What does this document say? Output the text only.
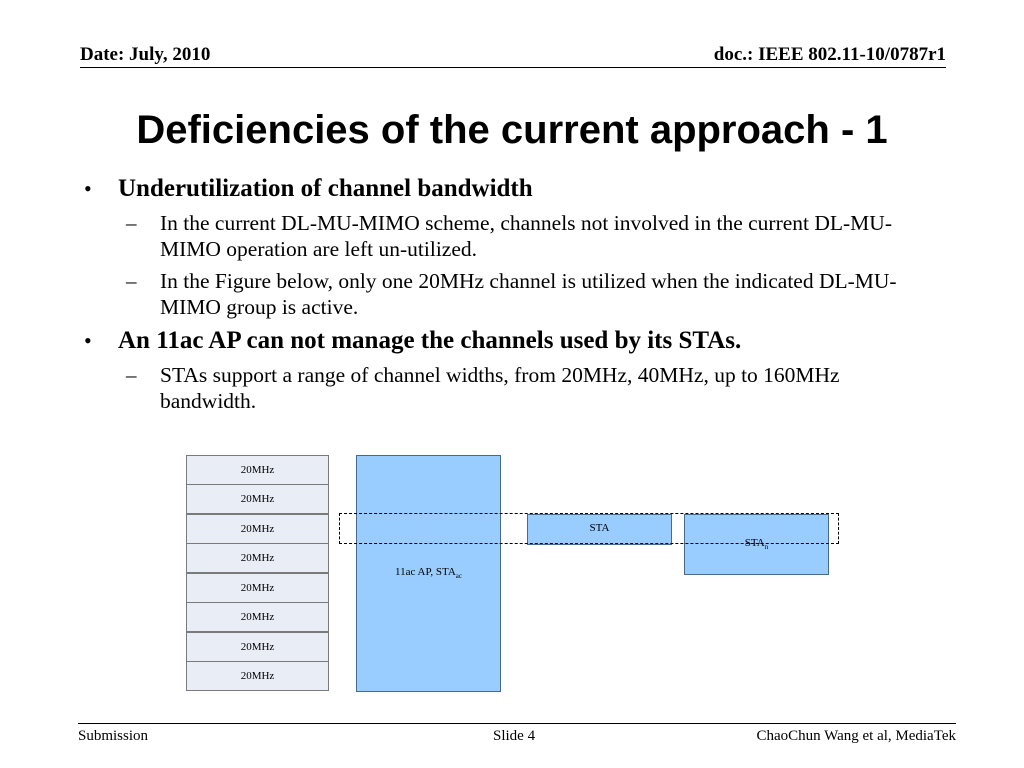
Date: July, 2010	doc.: IEEE 802.11-10/0787r1
Deficiencies of the current approach - 1
•	Underutilization of channel bandwidth
–	In the current DL-MU-MIMO scheme, channels not involved in the current DL-MU-MIMO operation are left un-utilized.
–	In the Figure below, only one 20MHz channel is utilized when the indicated DL-MU-MIMO group is active.
•	An 11ac AP can not manage the channels used by its STAs.
–	STAs support a range of channel widths, from 20MHz, 40MHz, up to 160MHz bandwidth.
20MHz
20MHz
20MHz
20MHz
20MHz
20MHz
20MHz
20MHz
11ac AP, $STA_{ac}$
STA
$STA_n$
Submission	Slide 4	ChaoChun Wang et al, MediaTek
